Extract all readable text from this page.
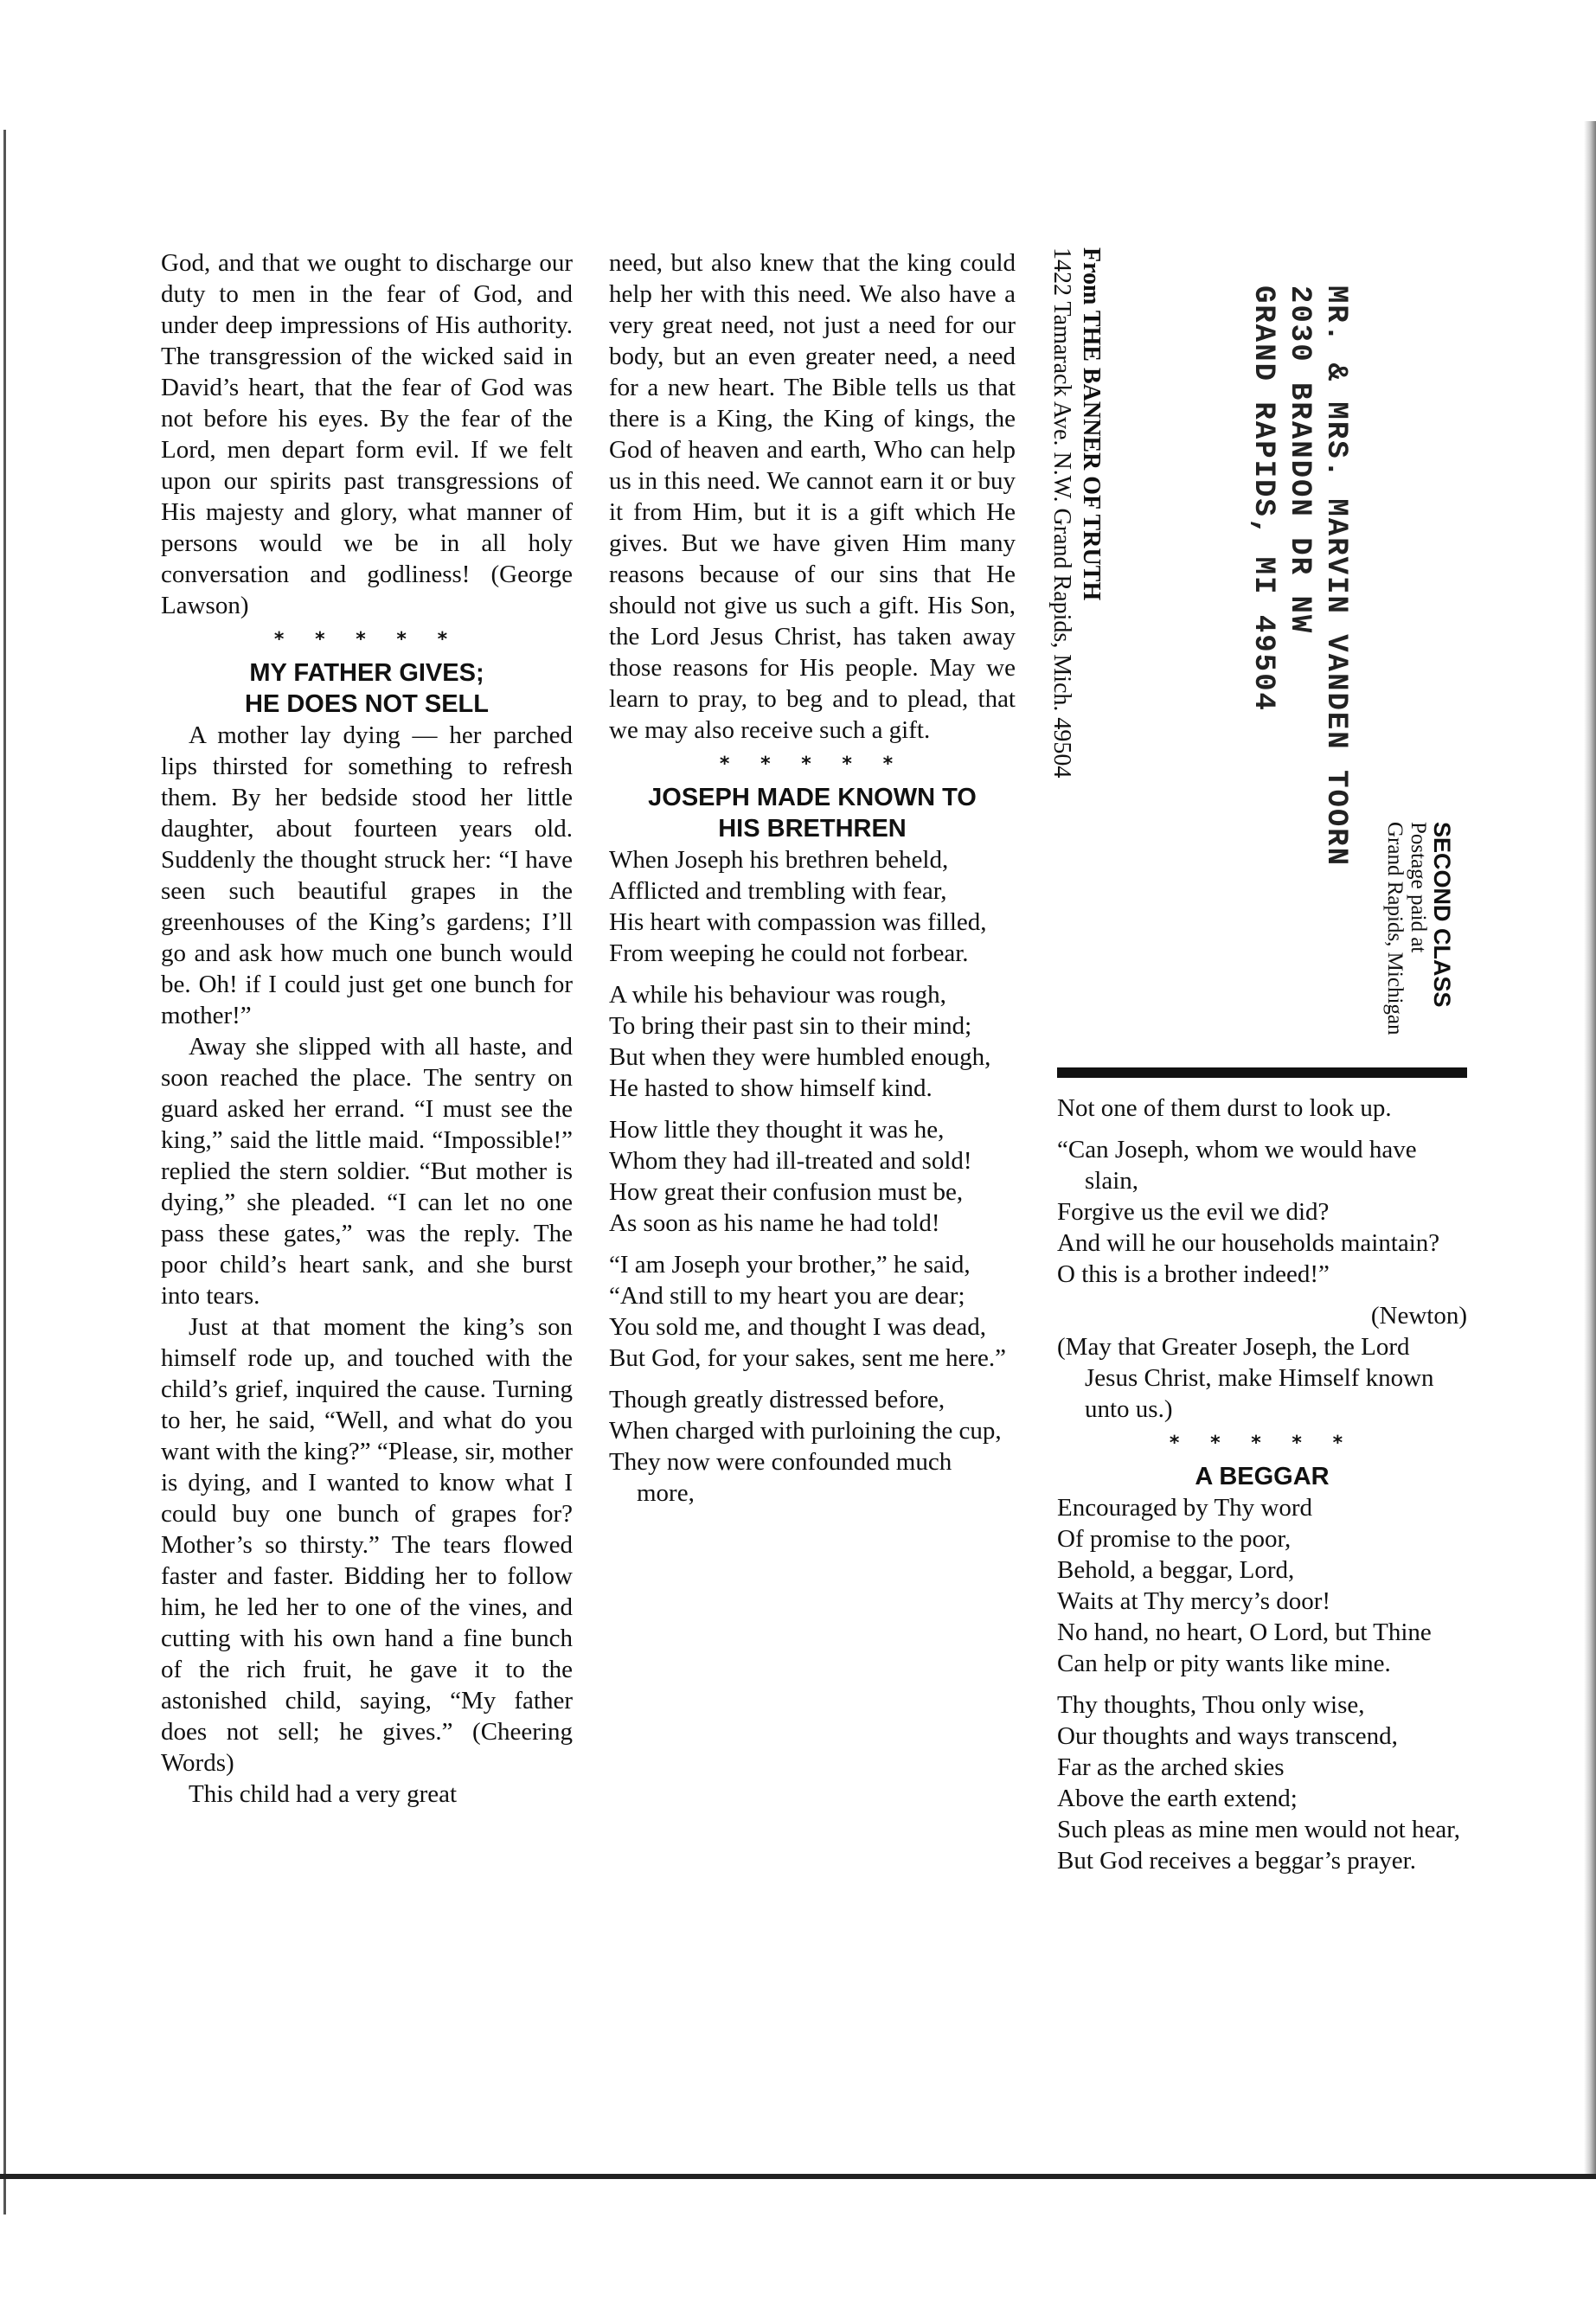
God, and that we ought to discharge our duty to men in the fear of God, and under deep impressions of His authority. The transgression of the wicked said in David’s heart, that the fear of God was not before his eyes. By the fear of the Lord, men depart form evil. If we felt upon our spirits past transgressions of His majesty and glory, what manner of persons would we be in all holy conversation and godliness! (George Lawson)

* * * * *
MY FATHER GIVES;
HE DOES NOT SELL

A mother lay dying — her parched lips thirsted for something to refresh them. By her bedside stood her little daughter, about fourteen years old. Suddenly the thought struck her: “I have seen such beautiful grapes in the greenhouses of the King’s gardens; I’ll go and ask how much one bunch would be. Oh! if I could just get one bunch for mother!”

Away she slipped with all haste, and soon reached the place. The sentry on guard asked her errand. “I must see the king,” said the little maid. “Impossible!” replied the stern soldier. “But mother is dying,” she pleaded. “I can let no one pass these gates,” was the reply. The poor child’s heart sank, and she burst into tears.

Just at that moment the king’s son himself rode up, and touched with the child’s grief, inquired the cause. Turning to her, he said, “Well, and what do you want with the king?” “Please, sir, mother is dying, and I wanted to know what I could buy one bunch of grapes for? Mother’s so thirsty.” The tears flowed faster and faster. Bidding her to follow him, he led her to one of the vines, and cutting with his own hand a fine bunch of the rich fruit, he gave it to the astonished child, saying, “My father does not sell; he gives.” (Cheering Words)

This child had a very great

need, but also knew that the king could help her with this need. We also have a very great need, not just a need for our body, but an even greater need, a need for a new heart. The Bible tells us that there is a King, the King of kings, the God of heaven and earth, Who can help us in this need. We cannot earn it or buy it from Him, but it is a gift which He gives. But we have given Him many reasons because of our sins that He should not give us such a gift. His Son, the Lord Jesus Christ, has taken away those reasons for His people. May we learn to pray, to beg and to plead, that we may also receive such a gift.

* * * * *
JOSEPH MADE KNOWN TO
HIS BRETHREN
When Joseph his brethren beheld,
Afflicted and trembling with fear,
His heart with compassion was filled,
From weeping he could not forbear.
A while his behaviour was rough,
To bring their past sin to their mind;
But when they were humbled enough,
He hasted to show himself kind.
How little they thought it was he,
Whom they had ill-treated and sold!
How great their confusion must be,
As soon as his name he had told!
“I am Joseph your brother,” he said,
“And still to my heart you are dear;
You sold me, and thought I was dead,
But God, for your sakes, sent me here.”
Though greatly distressed before,
When charged with purloining the cup,
They now were confounded much more,
From THE BANNER OF TRUTH
1422 Tamarack Ave. N.W. Grand Rapids, Mich. 49504	MR. & MRS. MARVIN VANDEN TOORN
2030 BRANDON DR NW
GRAND RAPIDS, MI 49504
SECOND CLASS
Postage paid at
Grand Rapids, Michigan
Not one of them durst to look up.
“Can Joseph, whom we would have slain,
Forgive us the evil we did?
And will he our households maintain?
O this is a brother indeed!”
(Newton)
(May that Greater Joseph, the Lord Jesus Christ, make Himself known unto us.)
* * * * *
A BEGGAR
Encouraged by Thy word
Of promise to the poor,
Behold, a beggar, Lord,
Waits at Thy mercy’s door!
No hand, no heart, O Lord, but Thine
Can help or pity wants like mine.
Thy thoughts, Thou only wise,
Our thoughts and ways transcend,
Far as the arched skies
Above the earth extend;
Such pleas as mine men would not hear,
But God receives a beggar’s prayer.
